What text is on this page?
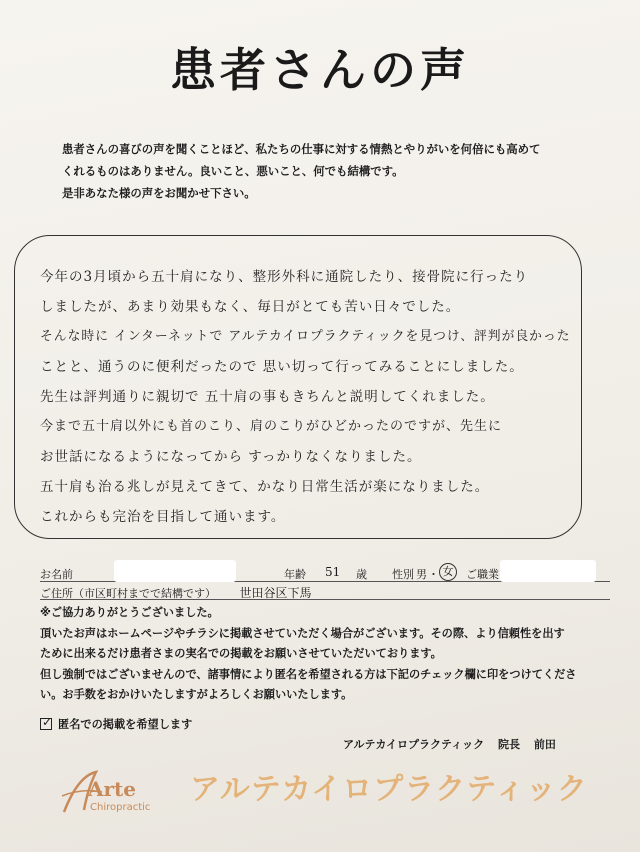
患者さんの声
患者さんの喜びの声を聞くことほど、私たちの仕事に対する情熱とやりがいを何倍にも高めて
くれるものはありません。良いこと、悪いこと、何でも結構です。
是非あなた様の声をお聞かせ下さい。
今年の3月頃から五十肩になり、整形外科に通院したり、接骨院に行ったり
しましたが、あまり効果もなく、毎日がとても苦い日々でした。
そんな時に インターネットで アルテカイロプラクティックを見つけ、評判が良かった
ことと、通うのに便利だったので 思い切って行ってみることにしました。
先生は評判通りに親切で 五十肩の事もきちんと説明してくれました。
今まで五十肩以外にも首のこり、肩のこりがひどかったのですが、先生に
お世話になるようになってから すっかりなくなりました。
五十肩も治る兆しが見えてきて、かなり日常生活が楽になりました。
これからも完治を目指して通います。
お名前	年齢 51 歳 性別 男 ・ 女	ご職業
ご住所（市区町村までで結構です） 世田谷区下馬
※ご協力ありがとうございました。
頂いたお声はホームページやチラシに掲載させていただく場合がございます。その際、より信頼性を出す
ために出来るだけ患者さまの実名での掲載をお願いさせていただいております。
但し強制ではございませんので、諸事情により匿名を希望される方は下記のチェック欄に印をつけてくださ
い。お手数をおかけいたしますがよろしくお願いいたします。
✓ 匿名での掲載を希望します
アルテカイロプラクティック 院長 前田
Arte
Chiropractic
アルテカイロプラクティック
